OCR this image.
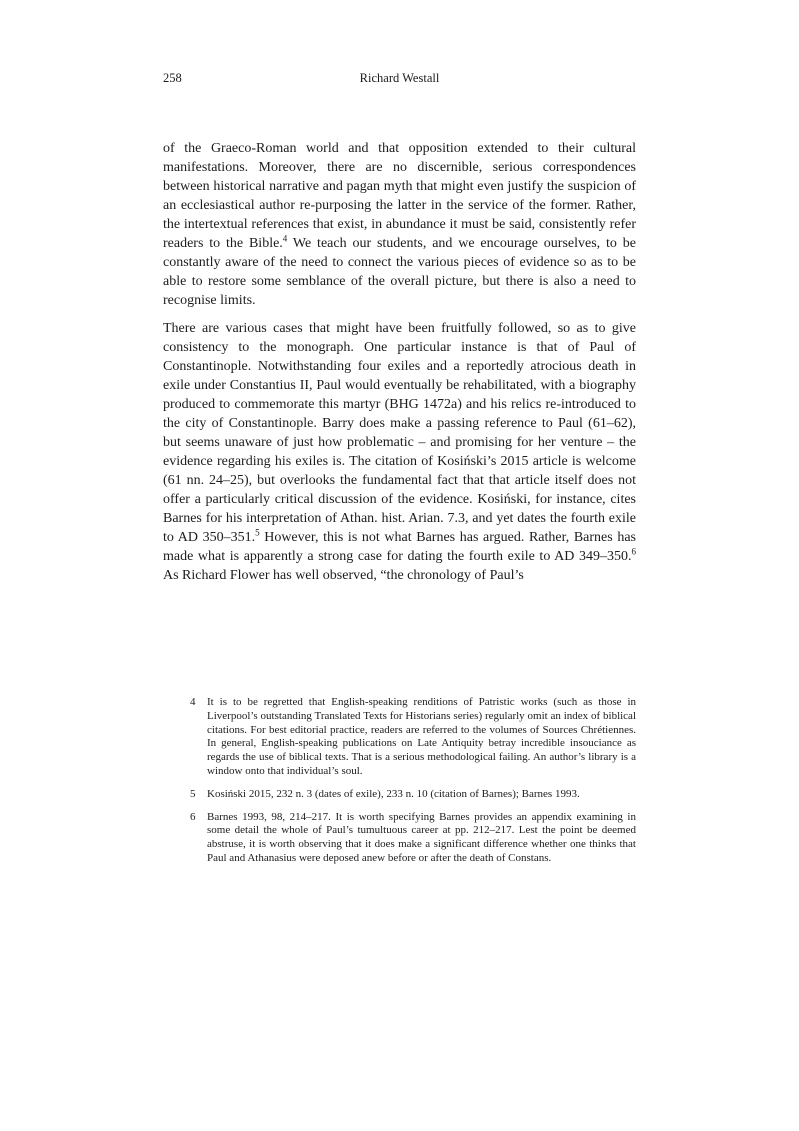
258	Richard Westall

of the Graeco-Roman world and that opposition extended to their cultural manifestations. Moreover, there are no discernible, serious correspondences between historical narrative and pagan myth that might even justify the suspicion of an ecclesiastical author re-purposing the latter in the service of the former. Rather, the intertextual references that exist, in abundance it must be said, consistently refer readers to the Bible.$^4$ We teach our students, and we encourage ourselves, to be constantly aware of the need to connect the various pieces of evidence so as to be able to restore some semblance of the overall picture, but there is also a need to recognise limits.

There are various cases that might have been fruitfully followed, so as to give consistency to the monograph. One particular instance is that of Paul of Constantinople. Notwithstanding four exiles and a reportedly atrocious death in exile under Constantius II, Paul would eventually be rehabilitated, with a biography produced to commemorate this martyr (BHG 1472a) and his relics re-introduced to the city of Constantinople. Barry does make a passing reference to Paul (61–62), but seems unaware of just how problematic – and promising for her venture – the evidence regarding his exiles is. The citation of Kosiński’s 2015 article is welcome (61 nn. 24–25), but overlooks the fundamental fact that that article itself does not offer a particularly critical discussion of the evidence. Kosiński, for instance, cites Barnes for his interpretation of Athan. hist. Arian. 7.3, and yet dates the fourth exile to AD 350–351.$^5$ However, this is not what Barnes has argued. Rather, Barnes has made what is apparently a strong case for dating the fourth exile to AD 349–350.$^6$ As Richard Flower has well observed, “the chronology of Paul’s

4	It is to be regretted that English-speaking renditions of Patristic works (such as those in Liverpool’s outstanding Translated Texts for Historians series) regularly omit an index of biblical citations. For best editorial practice, readers are referred to the volumes of Sources Chrétiennes. In general, English-speaking publications on Late Antiquity betray incredible insouciance as regards the use of biblical texts. That is a serious methodological failing. An author’s library is a window onto that individual’s soul.
5	Kosiński 2015, 232 n. 3 (dates of exile), 233 n. 10 (citation of Barnes); Barnes 1993.
6	Barnes 1993, 98, 214–217. It is worth specifying Barnes provides an appendix examining in some detail the whole of Paul’s tumultuous career at pp. 212–217. Lest the point be deemed abstruse, it is worth observing that it does make a significant difference whether one thinks that Paul and Athanasius were deposed anew before or after the death of Constans.
